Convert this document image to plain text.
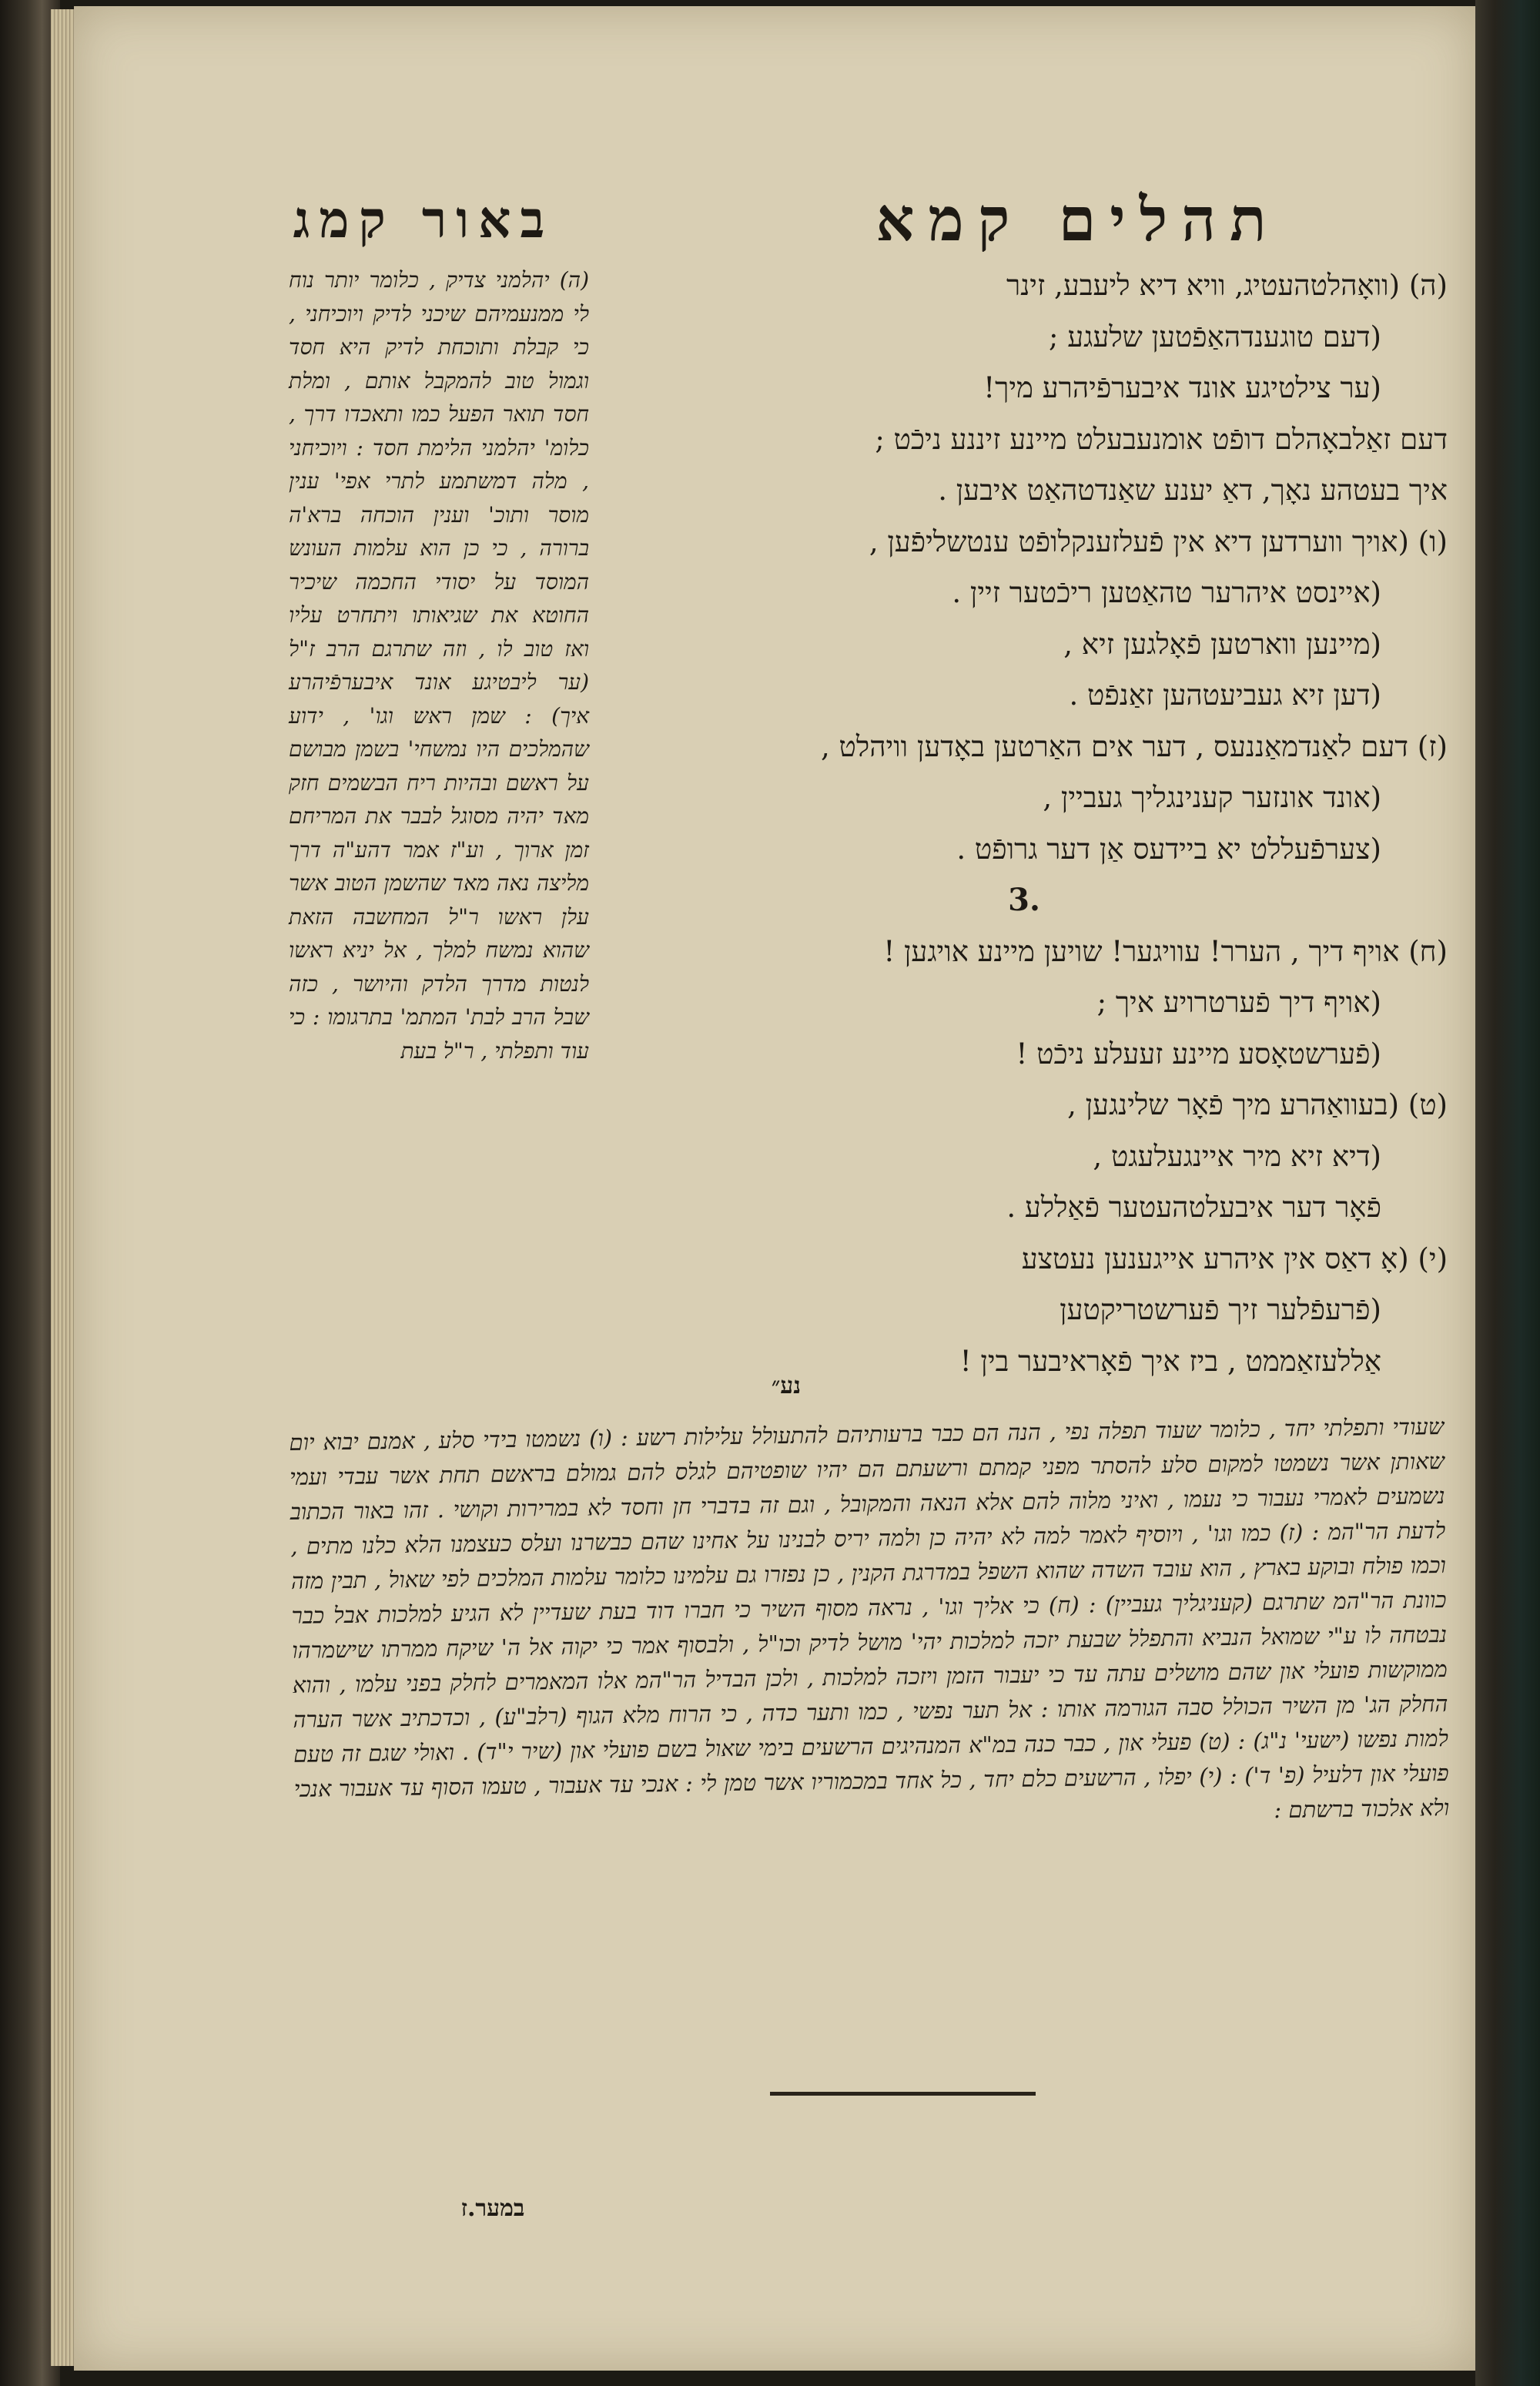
תהלים קמא
באור קמג
(ה) (וואָהלטהעטיג, וויא דיא ליעבע, זינר
(דעם טוגענדהאַפֿטען שלעגע ;
(ער צילטיגע אונד איבערפֿיהרע מיך!
דעם זאַלבאָהלם דופֿט אומנעבעלט מיינע זיננע ניכֿט ;
איך בעטהע נאָך, דאַ יענע שאַנדטהאַט איבען .
(ו) (אויך ווערדען דיא אין פֿעלזענקלופֿט ענטשליפֿען ,
(איינסט איהרער טהאַטען ריכֿטער זיין .
(מיינען ווארטען פֿאָלגען זיא ,
(דען זיא געביעטהען זאַנפֿט .
(ז) דעם לאַנדמאַננעס , דער אים האַרטען באָדען וויהלט ,
(אונד אונזער קענינגליך געביין ,
(צערפֿעללט יא ביידעס אַן דער גרופֿט .
3.
(ח) אויף דיך , הערר! עוויגער! שויען מיינע אויגען !
(אויף דיך פֿערטרויע איך ;
(פֿערשטאָסע מיינע זעעלע ניכֿט !
(ט) (בעוואַהרע מיך פֿאָר שלינגען ,
(דיא זיא מיר איינגעלעגט ,
פֿאָר דער איבעלטהעטער פֿאַללע .
(י) (אָ דאַס אין איהרע אייגענען נעטצע
(פֿרעפֿלער זיך פֿערשטריקטען
אַללעזאַממט , ביז איך פֿאָראיבער בין !
(ה) יהלמני צדיק , כלומר יותר נוח לי ממנעמיהם שיכני לדיק ויוכיחני , כי קבלת ותוכחת לדיק היא חסד וגמול טוב להמקבל אותם , ומלת חסד תואר הפעל כמו ותאכדו דרך , כלומ' יהלמני הלימת חסד : ויוכיחני , מלה דמשתמע לתרי אפי' ענין מוסר ותוכ' וענין הוכחה ברא'ה ברורה , כי כן הוא עלמות העונש המוסד על יסודי החכמה שיכיר החוטא את שגיאותו ויתחרט עליו ואז טוב לו , וזה שתרגם הרב ז"ל (ער ליבטיגע אונד איבערפֿיהרע איך) : שמן ראש וגו' , ידוע שהמלכים היו נמשחי' בשמן מבושם על ראשם ובהיות ריח הבשמים חזק מאד יהיה מסוגל לבבר את המריחם זמן ארוך , וע"ז אמר דהע"ה דרך מליצה נאה מאד שהשמן הטוב אשר עלן ראשו ר"ל המחשבה הזאת שהוא נמשח למלך , אל יניא ראשו לנטות מדרך הלדק והיושר , כזה שבל הרב לבת' המתמ' בתרגומו : כי עוד ותפלתי , ר"ל בעת
נע״
שעודי ותפלתי יחד , כלומר שעוד תפלה נפי , הנה הם כבר ברעותיהם להתעולל עלילות רשע : (ו) נשמטו בידי סלע , אמנם יבוא יום שאותן אשר נשמטו למקום סלע להסתר מפני קמתם ורשעתם הם יהיו שופטיהם לגלס להם גמולם בראשם תחת אשר עבדי ועמי נשמעים לאמרי נעבור כי נעמו , ואיני מלוה להם אלא הנאה והמקובל , וגם זה בדברי חן וחסד לא במרירות וקושי . זהו באור הכתוב לדעת הר"המ : (ז) כמו וגו' , ויוסיף לאמר למה לא יהיה כן ולמה יריס לבנינו על אחינו שהם כבשרנו ועלס כעצמנו הלא כלנו מתים , וכמו פולח ובוקע בארץ , הוא עובד השדה שהוא השפל במדרגת הקנין , כן נפזרו גם עלמינו כלומר עלמות המלכים לפי שאול , תבין מזה כוונת הר"המ שתרגם (קעניגליך געביין) : (ח) כי אליך וגו' , נראה מסוף השיר כי חברו דוד בעת שעדיין לא הגיע למלכות אבל כבר נבטחה לו ע"י שמואל הנביא והתפלל שבעת יזכה למלכות יהי' מושל לדיק וכו"ל , ולבסוף אמר כי יקוה אל ה' שיקח ממרתו שישמרהו ממוקשות פועלי און שהם מושלים עתה עד כי יעבור הזמן ויזכה למלכות , ולכן הבדיל הר"המ אלו המאמרים לחלק בפני עלמו , והוא החלק הג' מן השיר הכולל סבה הגורמה אותו : אל תער נפשי , כמו ותער כדה , כי הרוח מלא הגוף (רלב"ע) , וכדכתיב אשר הערה למות נפשו (ישעי' נ"ג) : (ט) פעלי און , כבר כנה במ"א המנהיגים הרשעים בימי שאול בשם פועלי און (שיר י"ד) . ואולי שגם זה טעם פועלי און דלעיל (פ' ד') : (י) יפלו , הרשעים כלם יחד , כל אחד במכמוריו אשר טמן לי : אנכי עד אעבור , טעמו הסוף עד אעבור אנכי ולא אלכוד ברשתם :
במער.ז
